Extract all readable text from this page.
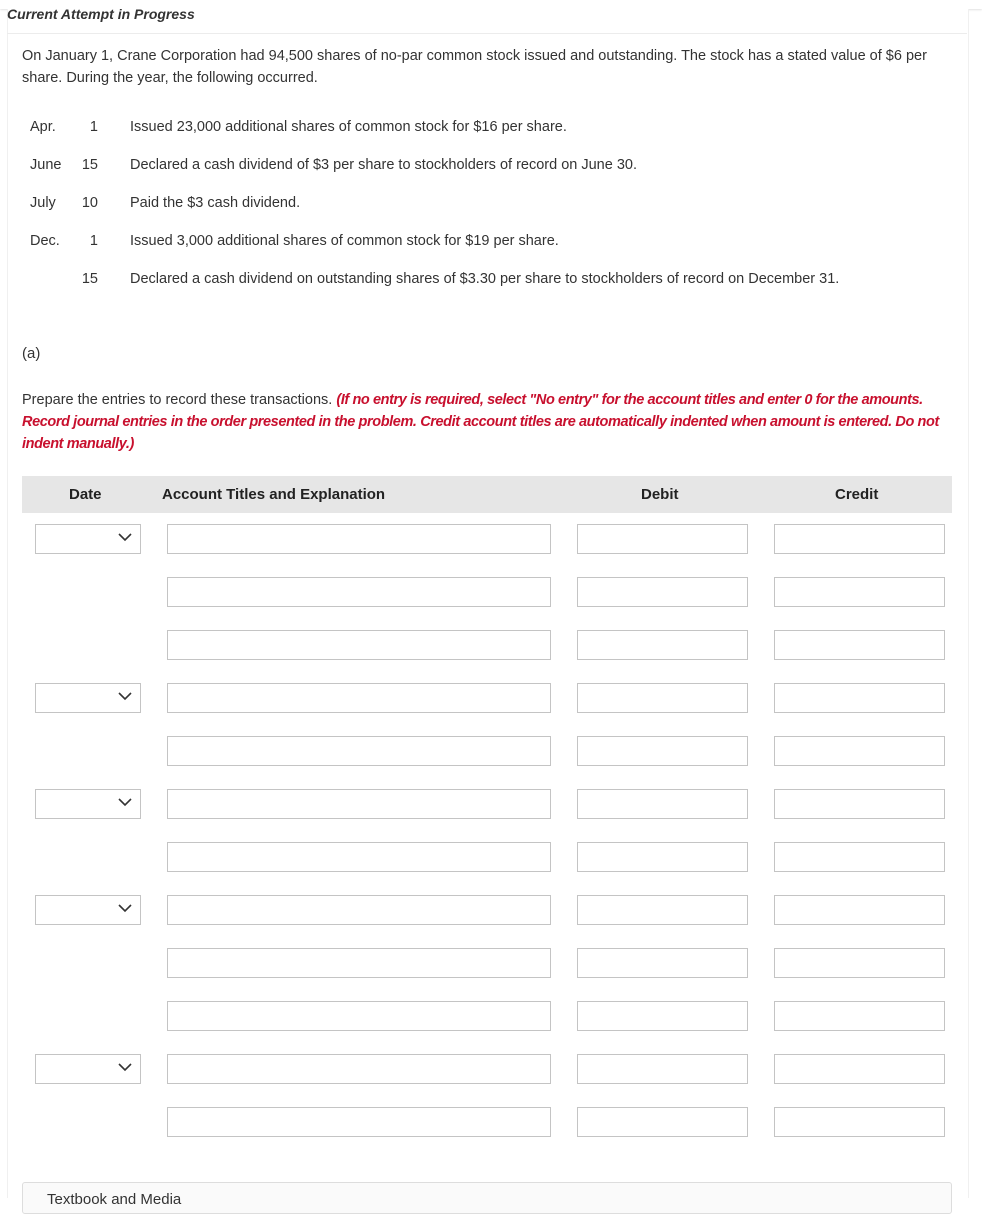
Current Attempt in Progress
On January 1, Crane Corporation had 94,500 shares of no-par common stock issued and outstanding. The stock has a stated value of $6 per share. During the year, the following occurred.
Apr.	1 Issued 23,000 additional shares of common stock for $16 per share.
June	15 Declared a cash dividend of $3 per share to stockholders of record on June 30.
July	10 Paid the $3 cash dividend.
Dec.	1 Issued 3,000 additional shares of common stock for $19 per share.
15 Declared a cash dividend on outstanding shares of $3.30 per share to stockholders of record on December 31.
(a)
Prepare the entries to record these transactions. (If no entry is required, select "No entry" for the account titles and enter 0 for the amounts. Record journal entries in the order presented in the problem. Credit account titles are automatically indented when amount is entered. Do not indent manually.)
Date	Account Titles and Explanation	Debit	Credit
Textbook and Media
